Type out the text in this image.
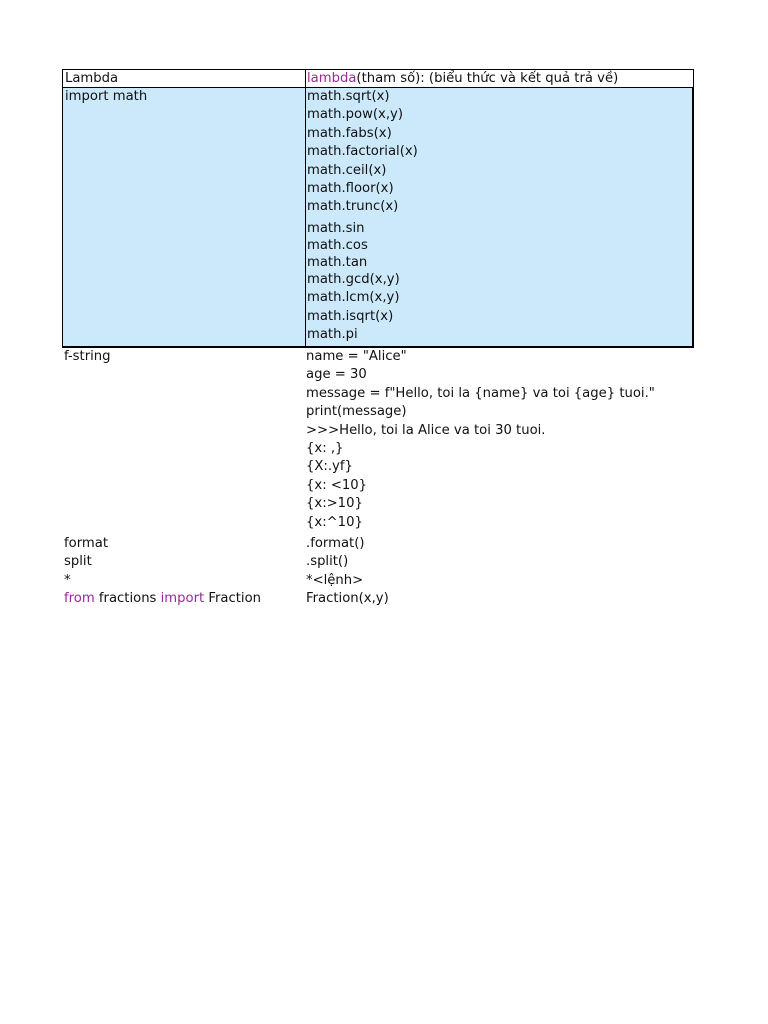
Lambda	lambda(tham số): (biểu thức và kết quả trả về)
import math	math.sqrt(x)
math.pow(x,y)
math.fabs(x)
math.factorial(x)
math.ceil(x)
math.floor(x)
math.trunc(x)
math.sin
math.cos
math.tan
math.gcd(x,y)
math.lcm(x,y)
math.isqrt(x)
math.pi
f-string	name = "Alice"
age = 30
message = f"Hello, toi la {name} va toi {age} tuoi."
print(message)
>>>Hello, toi la Alice va toi 30 tuoi.
{x: ,}
{X:.yf}
{x: <10}
{x:>10}
{x:^10}
format	.format()
split	.split()
*	*<lệnh>
from fractions import Fraction	Fraction(x,y)
